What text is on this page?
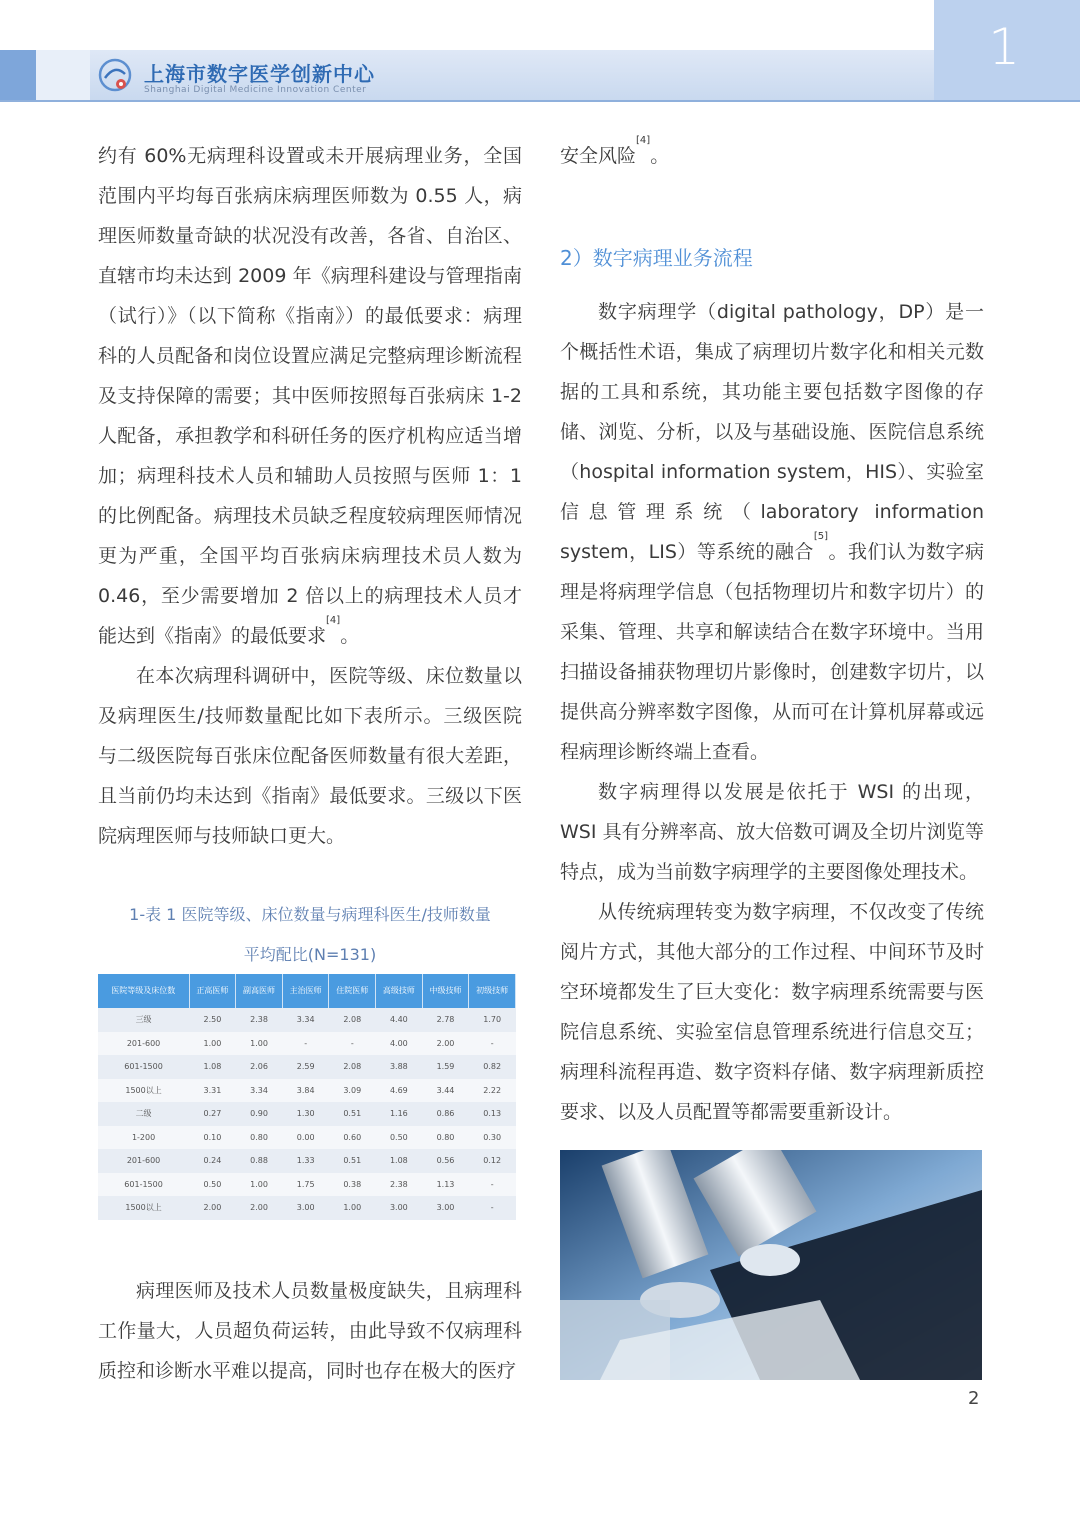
1
上海市数字医学创新中心
Shanghai Digital Medicine Innovation Center

约有 60%无病理科设置或未开展病理业务，全国范围内平均每百张病床病理医师数为 0.55 人，病理医师数量奇缺的状况没有改善，各省、自治区、直辖市均未达到 2009 年《病理科建设与管理指南（试行）》（以下简称《指南》）的最低要求：病理科的人员配备和岗位设置应满足完整病理诊断流程及支持保障的需要；其中医师按照每百张病床 1-2 人配备，承担教学和科研任务的医疗机构应适当增加；病理科技术人员和辅助人员按照与医师 1：1 的比例配备。病理技术员缺乏程度较病理医师情况更为严重，全国平均百张病床病理技术员人数为 0.46，至少需要增加 2 倍以上的病理技术人员才能达到《指南》的最低要求[4]。

在本次病理科调研中，医院等级、床位数量以及病理医生/技师数量配比如下表所示。三级医院与二级医院每百张床位配备医师数量有很大差距，且当前仍均未达到《指南》最低要求。三级以下医院病理医师与技师缺口更大。

1-表 1 医院等级、床位数量与病理科医生/技师数量
平均配比(N=131)
医院等级及床位数	正高医师	副高医师	主治医师	住院医师	高级技师	中级技师	初级技师
三级	2.50	2.38	3.34	2.08	4.40	2.78	1.70
201-600	1.00	1.00	-	-	4.00	2.00	-
601-1500	1.08	2.06	2.59	2.08	3.88	1.59	0.82
1500以上	3.31	3.34	3.84	3.09	4.69	3.44	2.22
二级	0.27	0.90	1.30	0.51	1.16	0.86	0.13
1-200	0.10	0.80	0.00	0.60	0.50	0.80	0.30
201-600	0.24	0.88	1.33	0.51	1.08	0.56	0.12
601-1500	0.50	1.00	1.75	0.38	2.38	1.13	-
1500以上	2.00	2.00	3.00	1.00	3.00	3.00	-

病理医师及技术人员数量极度缺失，且病理科工作量大，人员超负荷运转，由此导致不仅病理科质控和诊断水平难以提高，同时也存在极大的医疗

安全风险[4]。

2）数字病理业务流程

数字病理学（digital pathology，DP）是一个概括性术语，集成了病理切片数字化和相关元数据的工具和系统，其功能主要包括数字图像的存储、浏览、分析，以及与基础设施、医院信息系统（hospital information system，HIS）、实验室信息管理系统（laboratory information system，LIS）等系统的融合[5]。我们认为数字病理是将病理学信息（包括物理切片和数字切片）的采集、管理、共享和解读结合在数字环境中。当用扫描设备捕获物理切片影像时，创建数字切片，以提供高分辨率数字图像，从而可在计算机屏幕或远程病理诊断终端上查看。

数字病理得以发展是依托于 WSI 的出现，WSI 具有分辨率高、放大倍数可调及全切片浏览等特点，成为当前数字病理学的主要图像处理技术。

从传统病理转变为数字病理，不仅改变了传统阅片方式，其他大部分的工作过程、中间环节及时空环境都发生了巨大变化：数字病理系统需要与医院信息系统、实验室信息管理系统进行信息交互；病理科流程再造、数字资料存储、数字病理新质控要求、以及人员配置等都需要重新设计。

2
